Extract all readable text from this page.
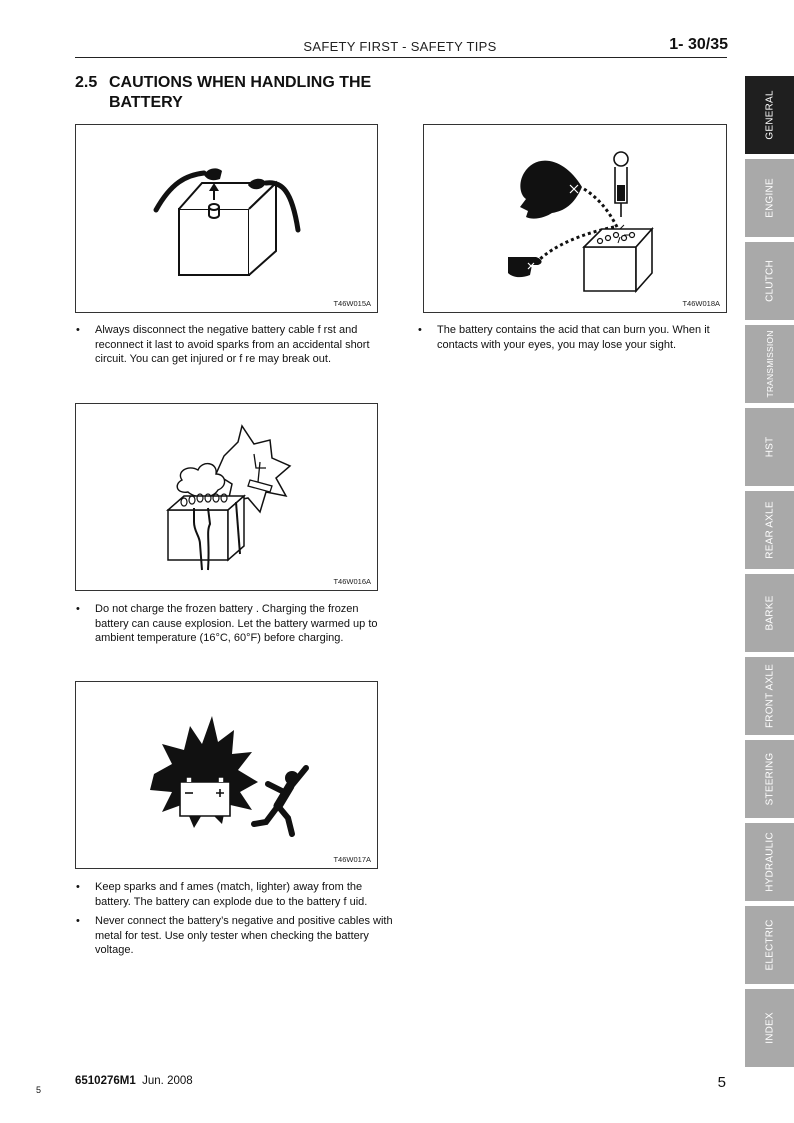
SAFETY FIRST - SAFETY TIPS	1- 30/35
2.5 CAUTIONS WHEN HANDLING THE BATTERY
T46W015A
• Always disconnect the negative battery cable f rst and reconnect it last to avoid sparks from an accidental short circuit. You can get injured or f re may break out.
T46W018A
• The battery contains the acid that can burn you. When it contacts with your eyes, you may lose your sight.
T46W016A
• Do not charge the frozen battery . Charging the frozen battery can cause explosion. Let the battery warmed up to ambient temperature (16°C, 60°F) before charging.
T46W017A
• Keep sparks and f ames (match, lighter) away from the battery. The battery can explode due to the battery f uid.
• Never connect the battery’s negative and positive cables with metal for test. Use only tester when checking the battery voltage.
GENERAL
ENGINE
CLUTCH
TRANSMISSION
HST
REAR AXLE
BARKE
FRONT AXLE
STEERING
HYDRAULIC
ELECTRIC
INDEX
6510276M1 Jun. 2008	5
5
